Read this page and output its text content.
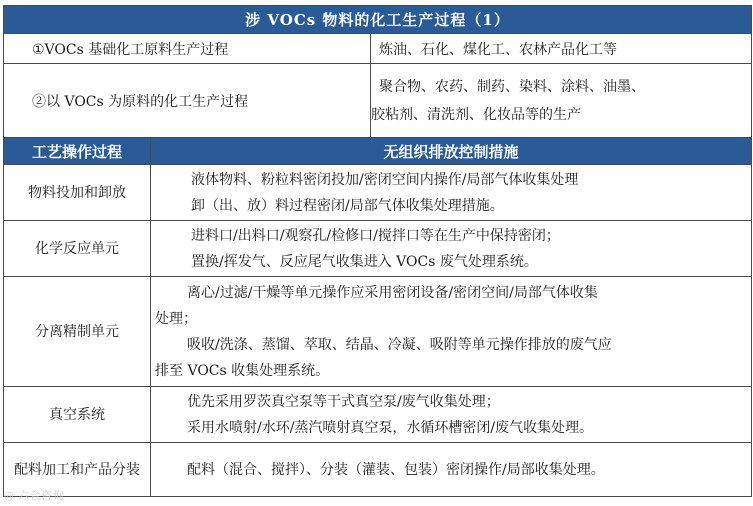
涉 VOCs 物料的化工生产过程（1）		
①VOCs 基础化工原料生产过程		炼油、石化、煤化工、农林产品化工等
②以 VOCs 为原料的化工生产过程		聚合物、农药、制药、染料、涂料、油墨、
胶粘剂、清洗剂、化妆品等的生产

工艺操作过程	无组织排放控制措施	
物料投加和卸放	液体物料、粉粒料密闭投加/密闭空间内操作/局部气体收集处理
卸（出、放）料过程密闭/局部气体收集处理措施。	

化学反应单元	进料口/出料口/观察孔/检修口/搅拌口等在生产中保持密闭；
置换/挥发气、反应尾气收集进入 VOCs 废气处理系统。	

分离精制单元	离心/过滤/干燥等单元操作应采用密闭设备/密闭空间/局部气体收集
处理；
吸收/洗涤、蒸馏、萃取、结晶、冷凝、吸附等单元操作排放的废气应
排至 VOCs 收集处理系统。	

真空系统	优先采用罗茨真空泵等干式真空泵/废气收集处理；
采用水喷射/水环/蒸汽喷射真空泵，水循环槽密闭/废气收集处理。	

配料加工和产品分装	配料（混合、搅拌）、分装（灌装、包装）密闭操作/局部收集处理。	
◎ 六合咨询
